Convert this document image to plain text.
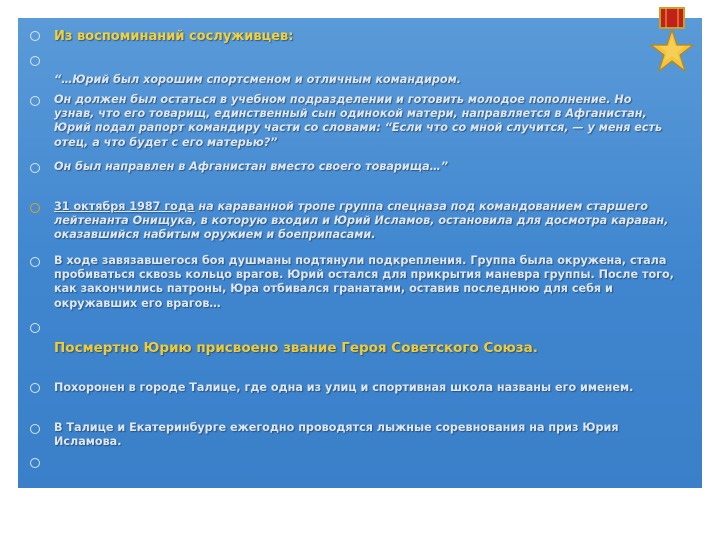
Из воспоминаний сослуживцев:
“…Юрий был хорошим спортсменом и отличным командиром.
Он должен был остаться в учебном подразделении и готовить молодое пополнение. Но узнав, что его товарищ, единственный сын одинокой матери, направляется в Афганистан, Юрий подал рапорт командиру части со словами: “Если что со мной случится, — у меня есть отец, а что будет с его матерью?”
Он был направлен в Афганистан вместо своего товарища…”
31 октября 1987 года на караванной тропе группа спецназа под командованием старшего лейтенанта Онищука, в которую входил и Юрий Исламов, остановила для досмотра караван, оказавшийся набитым оружием и боеприпасами.
В ходе завязавшегося боя душманы подтянули подкрепления. Группа была окружена, стала пробиваться сквозь кольцо врагов. Юрий остался для прикрытия маневра группы. После того, как закончились патроны, Юра отбивался гранатами, оставив последнюю для себя и окружавших его врагов…
Посмертно Юрию присвоено звание Героя Советского Союза.
Похоронен в городе Талице, где одна из улиц и спортивная школа названы его именем.
В Талице и Екатеринбурге ежегодно проводятся лыжные соревнования на приз Юрия Исламова.
